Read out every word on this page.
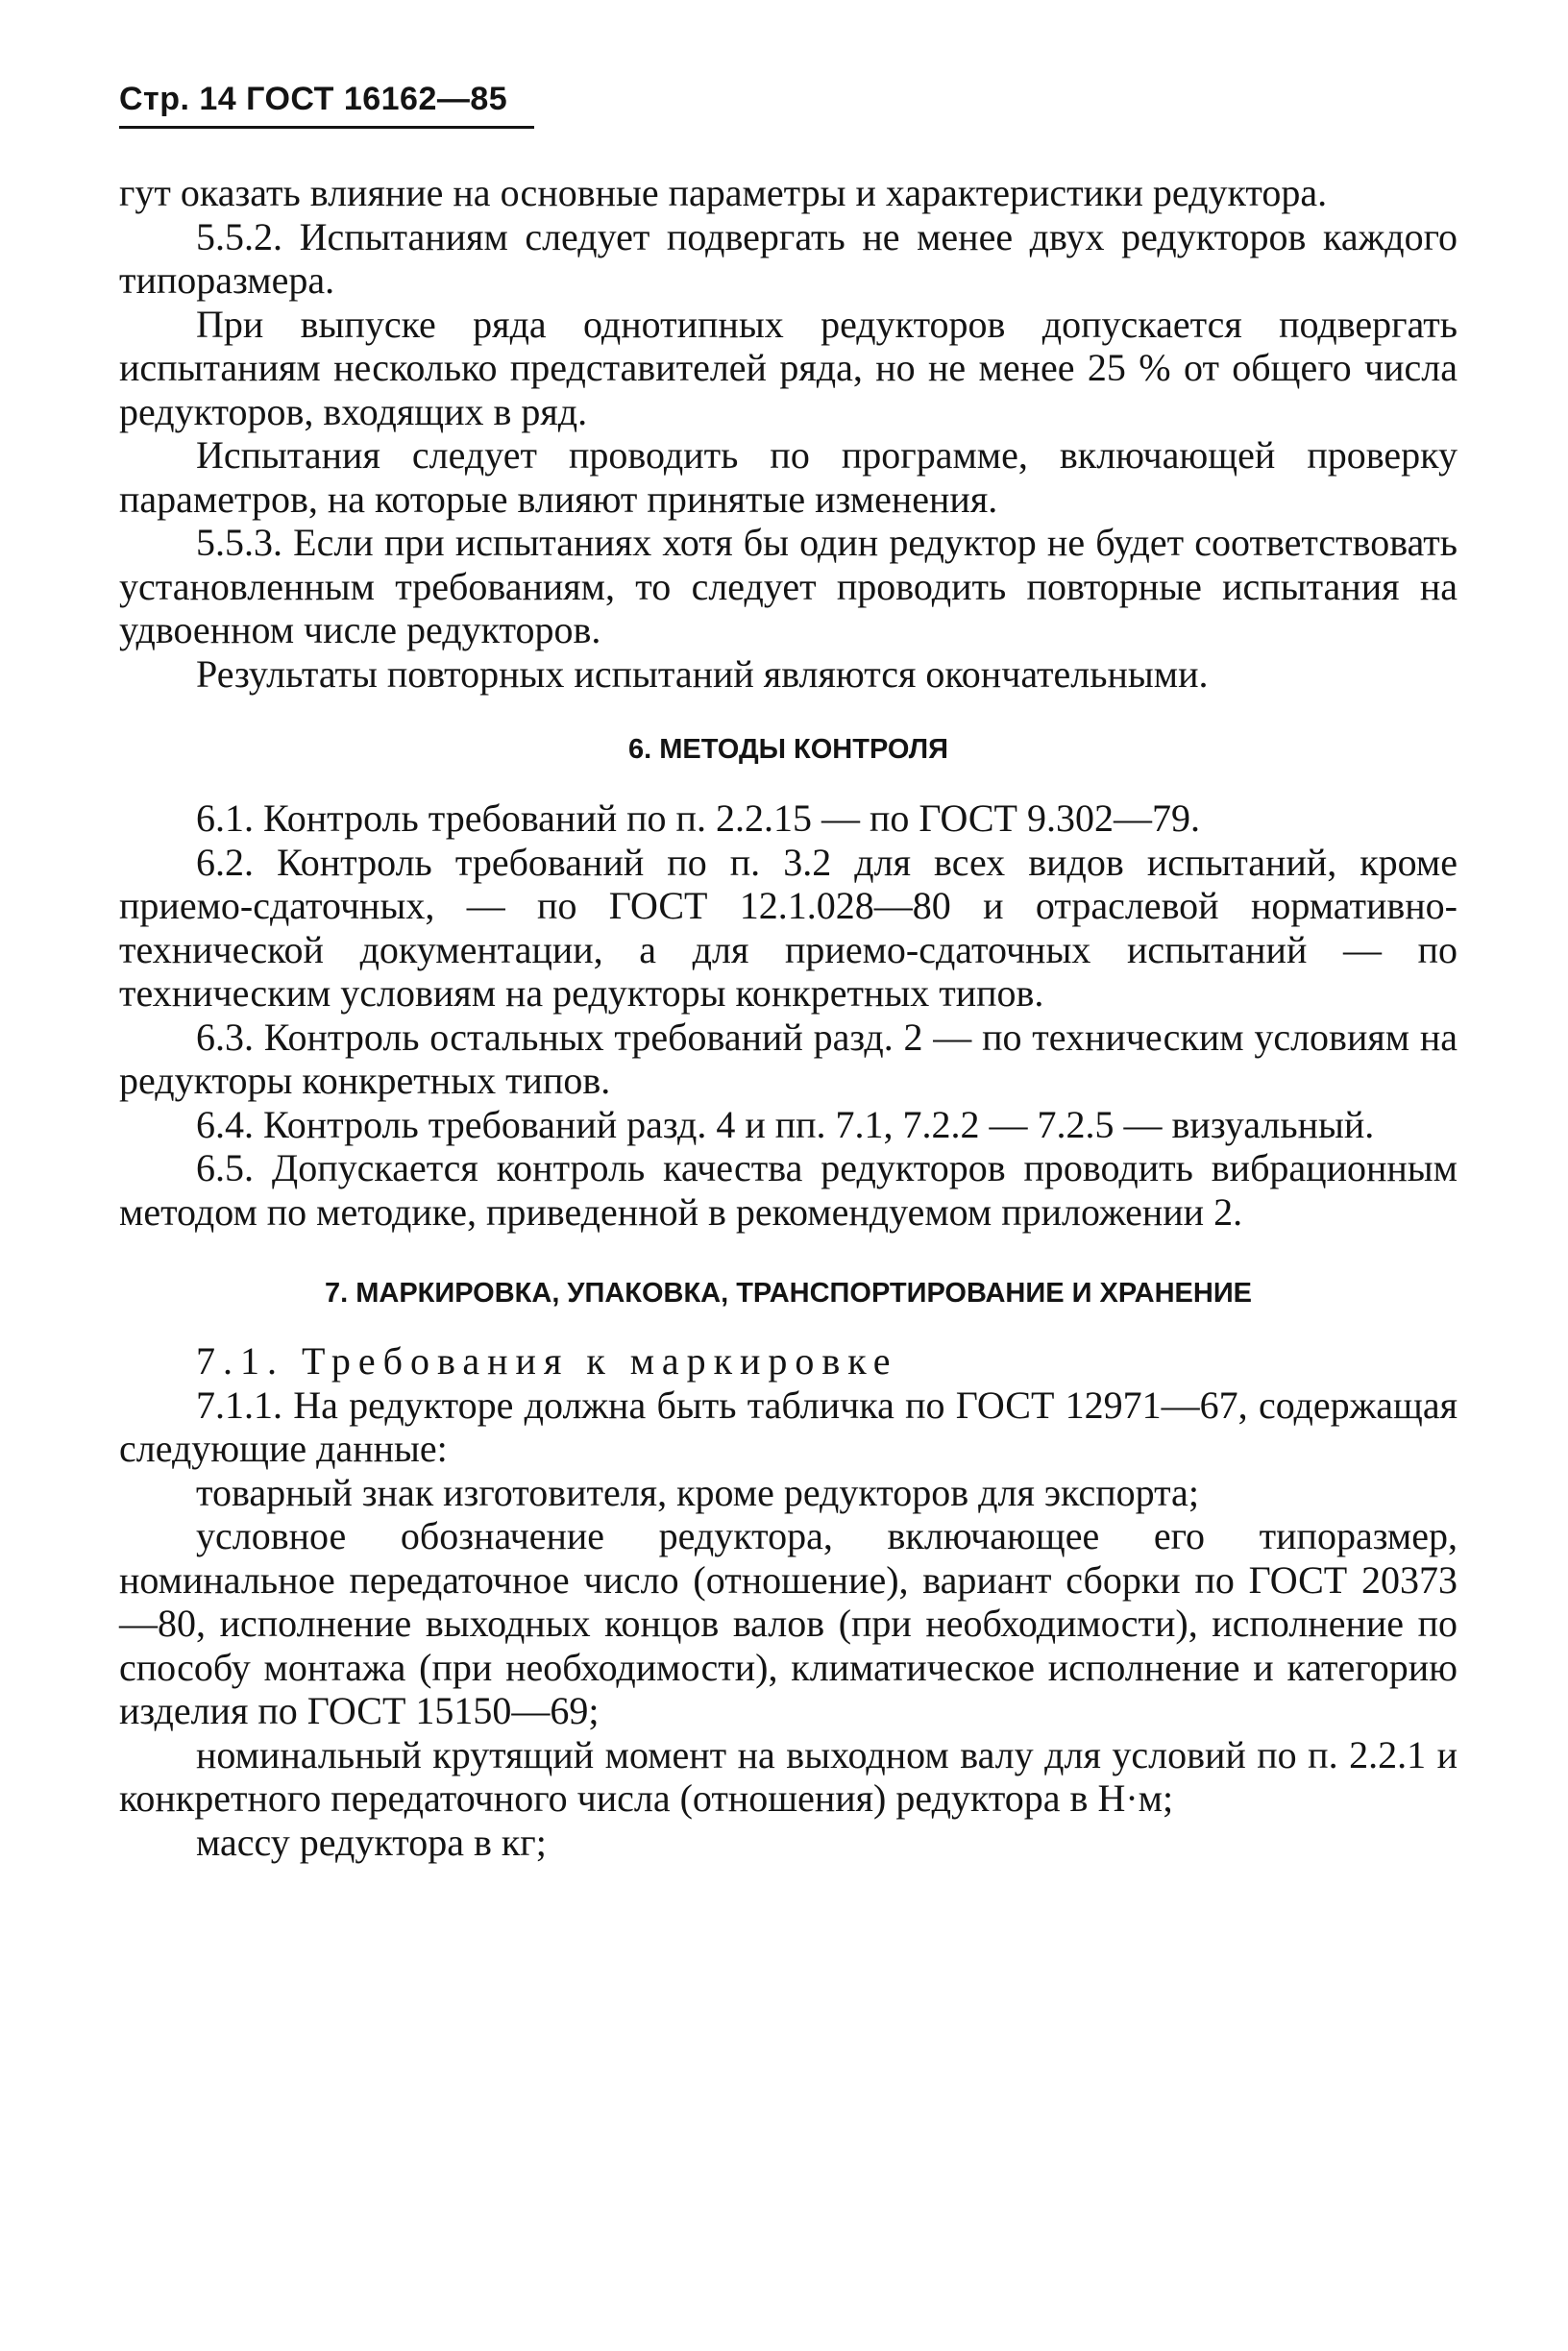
Стр. 14 ГОСТ 16162—85

гут оказать влияние на основные параметры и характеристики редуктора.

5.5.2. Испытаниям следует подвергать не менее двух редукторов каждого типоразмера.

При выпуске ряда однотипных редукторов допускается подвергать испытаниям несколько представителей ряда, но не менее 25 % от общего числа редукторов, входящих в ряд.

Испытания следует проводить по программе, включающей проверку параметров, на которые влияют принятые изменения.

5.5.3. Если при испытаниях хотя бы один редуктор не будет соответствовать установленным требованиям, то следует проводить повторные испытания на удвоенном числе редукторов.

Результаты повторных испытаний являются окончательными.

6. МЕТОДЫ КОНТРОЛЯ

6.1. Контроль требований по п. 2.2.15 — по ГОСТ 9.302—79.

6.2. Контроль требований по п. 3.2 для всех видов испытаний, кроме приемо-сдаточных, — по ГОСТ 12.1.028—80 и отраслевой нормативно-технической документации, а для приемо-сдаточных испытаний — по техническим условиям на редукторы конкретных типов.

6.3. Контроль остальных требований разд. 2 — по техническим условиям на редукторы конкретных типов.

6.4. Контроль требований разд. 4 и пп. 7.1, 7.2.2 — 7.2.5 — визуальный.

6.5. Допускается контроль качества редукторов проводить вибрационным методом по методике, приведенной в рекомендуемом приложении 2.

7. МАРКИРОВКА, УПАКОВКА, ТРАНСПОРТИРОВАНИЕ И ХРАНЕНИЕ

7.1. Требования к маркировке

7.1.1. На редукторе должна быть табличка по ГОСТ 12971—67, содержащая следующие данные:

товарный знак изготовителя, кроме редукторов для экспорта;

условное обозначение редуктора, включающее его типоразмер, номинальное передаточное число (отношение), вариант сборки по ГОСТ 20373—80, исполнение выходных концов валов (при необходимости), исполнение по способу монтажа (при необходимости), климатическое исполнение и категорию изделия по ГОСТ 15150—69;

номинальный крутящий момент на выходном валу для условий по п. 2.2.1 и конкретного передаточного числа (отношения) редуктора в Н·м;

массу редуктора в кг;
